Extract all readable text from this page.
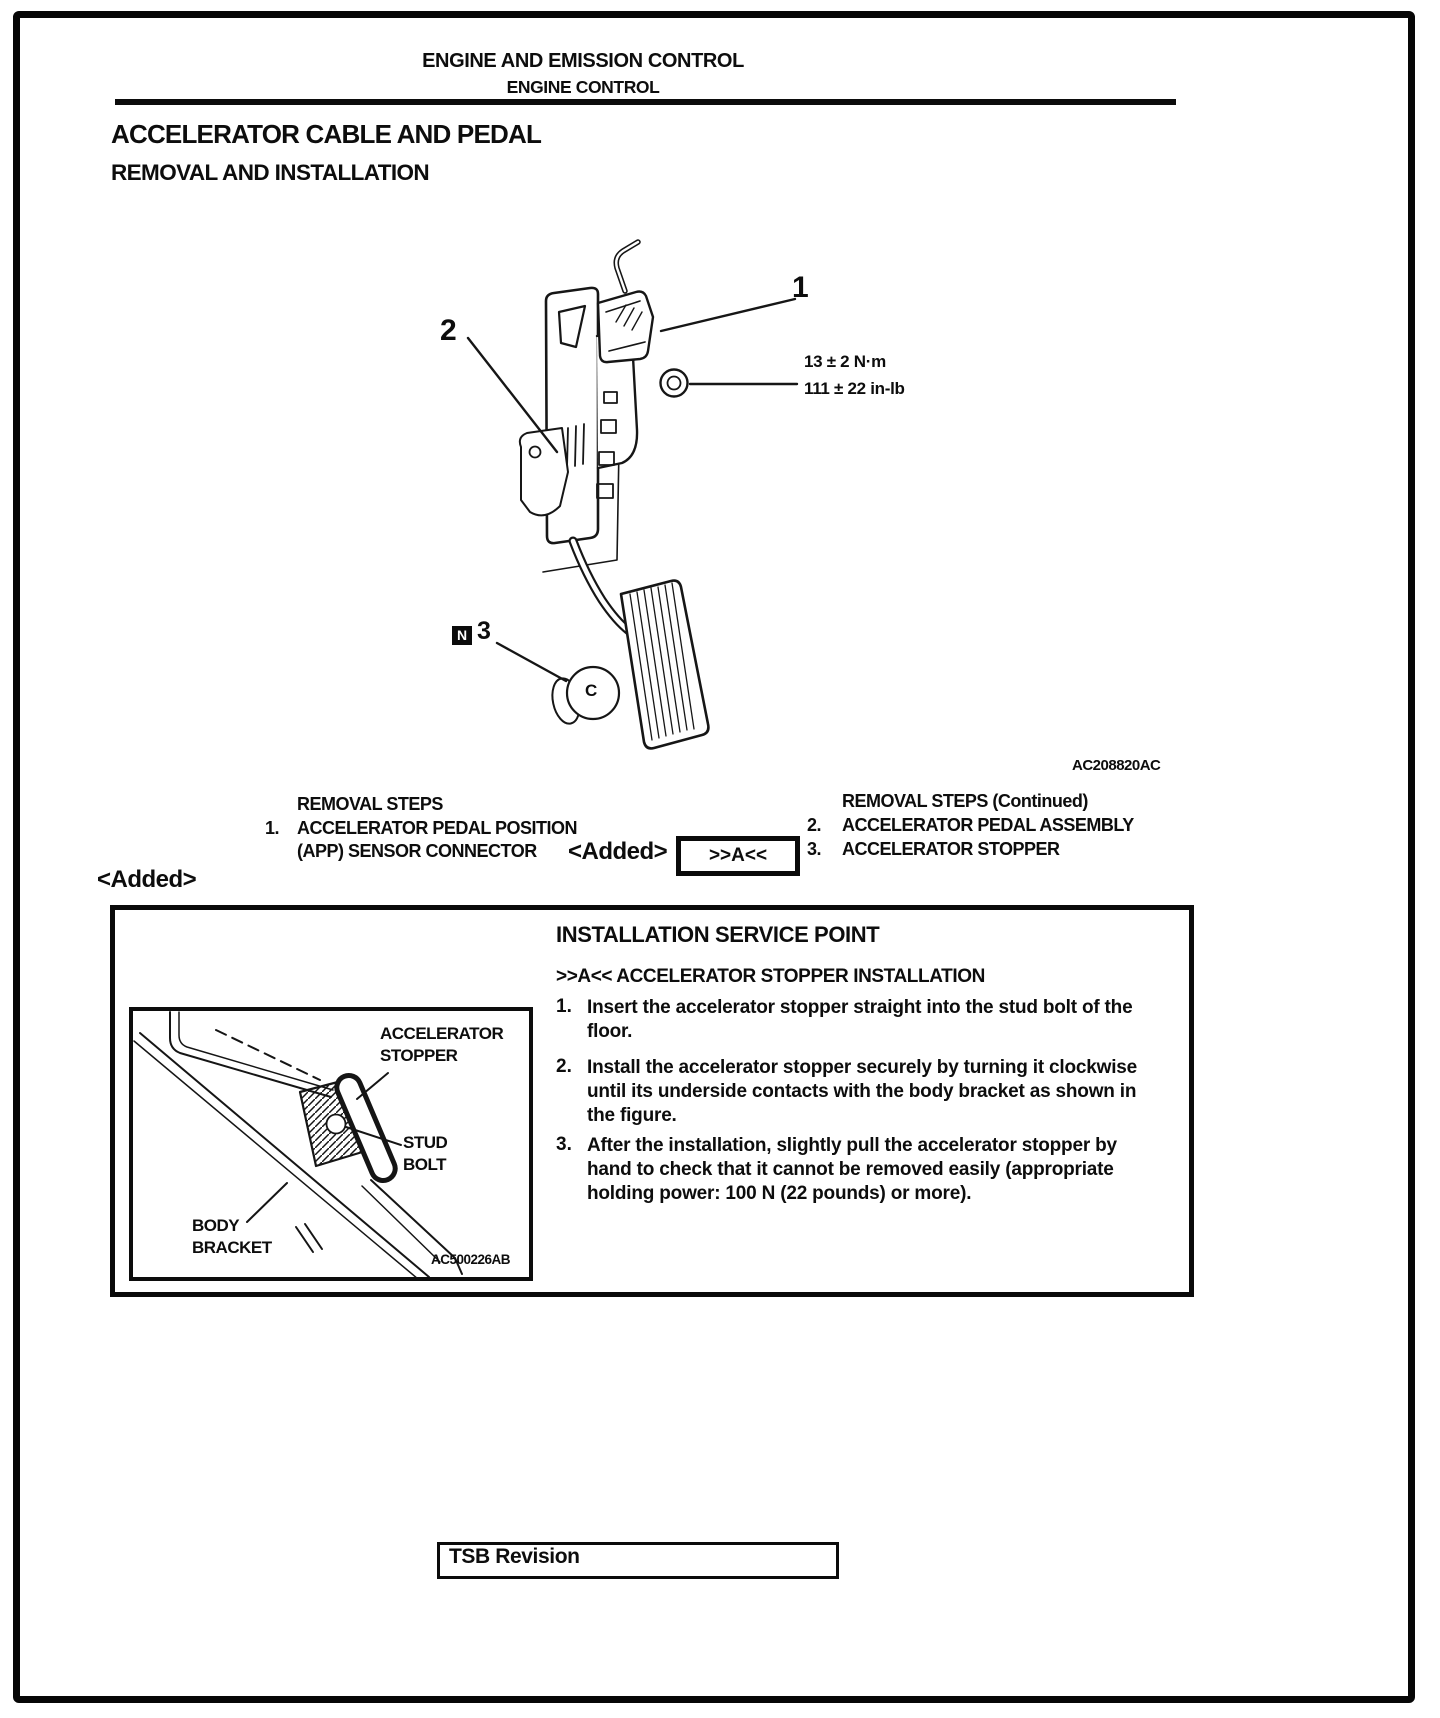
ENGINE AND EMISSION CONTROL
ENGINE CONTROL
ACCELERATOR CABLE AND PEDAL
REMOVAL AND INSTALLATION
1
2
13 ± 2 N·m
111 ± 22 in-lb
N 3
C
AC208820AC
REMOVAL STEPS
1. ACCELERATOR PEDAL POSITION
(APP) SENSOR CONNECTOR <Added>	>>A<<
REMOVAL STEPS (Continued)
2. ACCELERATOR PEDAL ASSEMBLY
3. ACCELERATOR STOPPER
<Added>
ACCELERATOR
STOPPER
STUD
BOLT
BODY
BRACKET
AC500226AB
INSTALLATION SERVICE POINT
>>A<< ACCELERATOR STOPPER INSTALLATION
1. Insert the accelerator stopper straight into the stud bolt of the floor.
2. Install the accelerator stopper securely by turning it clockwise until its underside contacts with the body bracket as shown in the figure.
3. After the installation, slightly pull the accelerator stopper by hand to check that it cannot be removed easily (appropriate holding power: 100 N (22 pounds) or more).
TSB Revision
